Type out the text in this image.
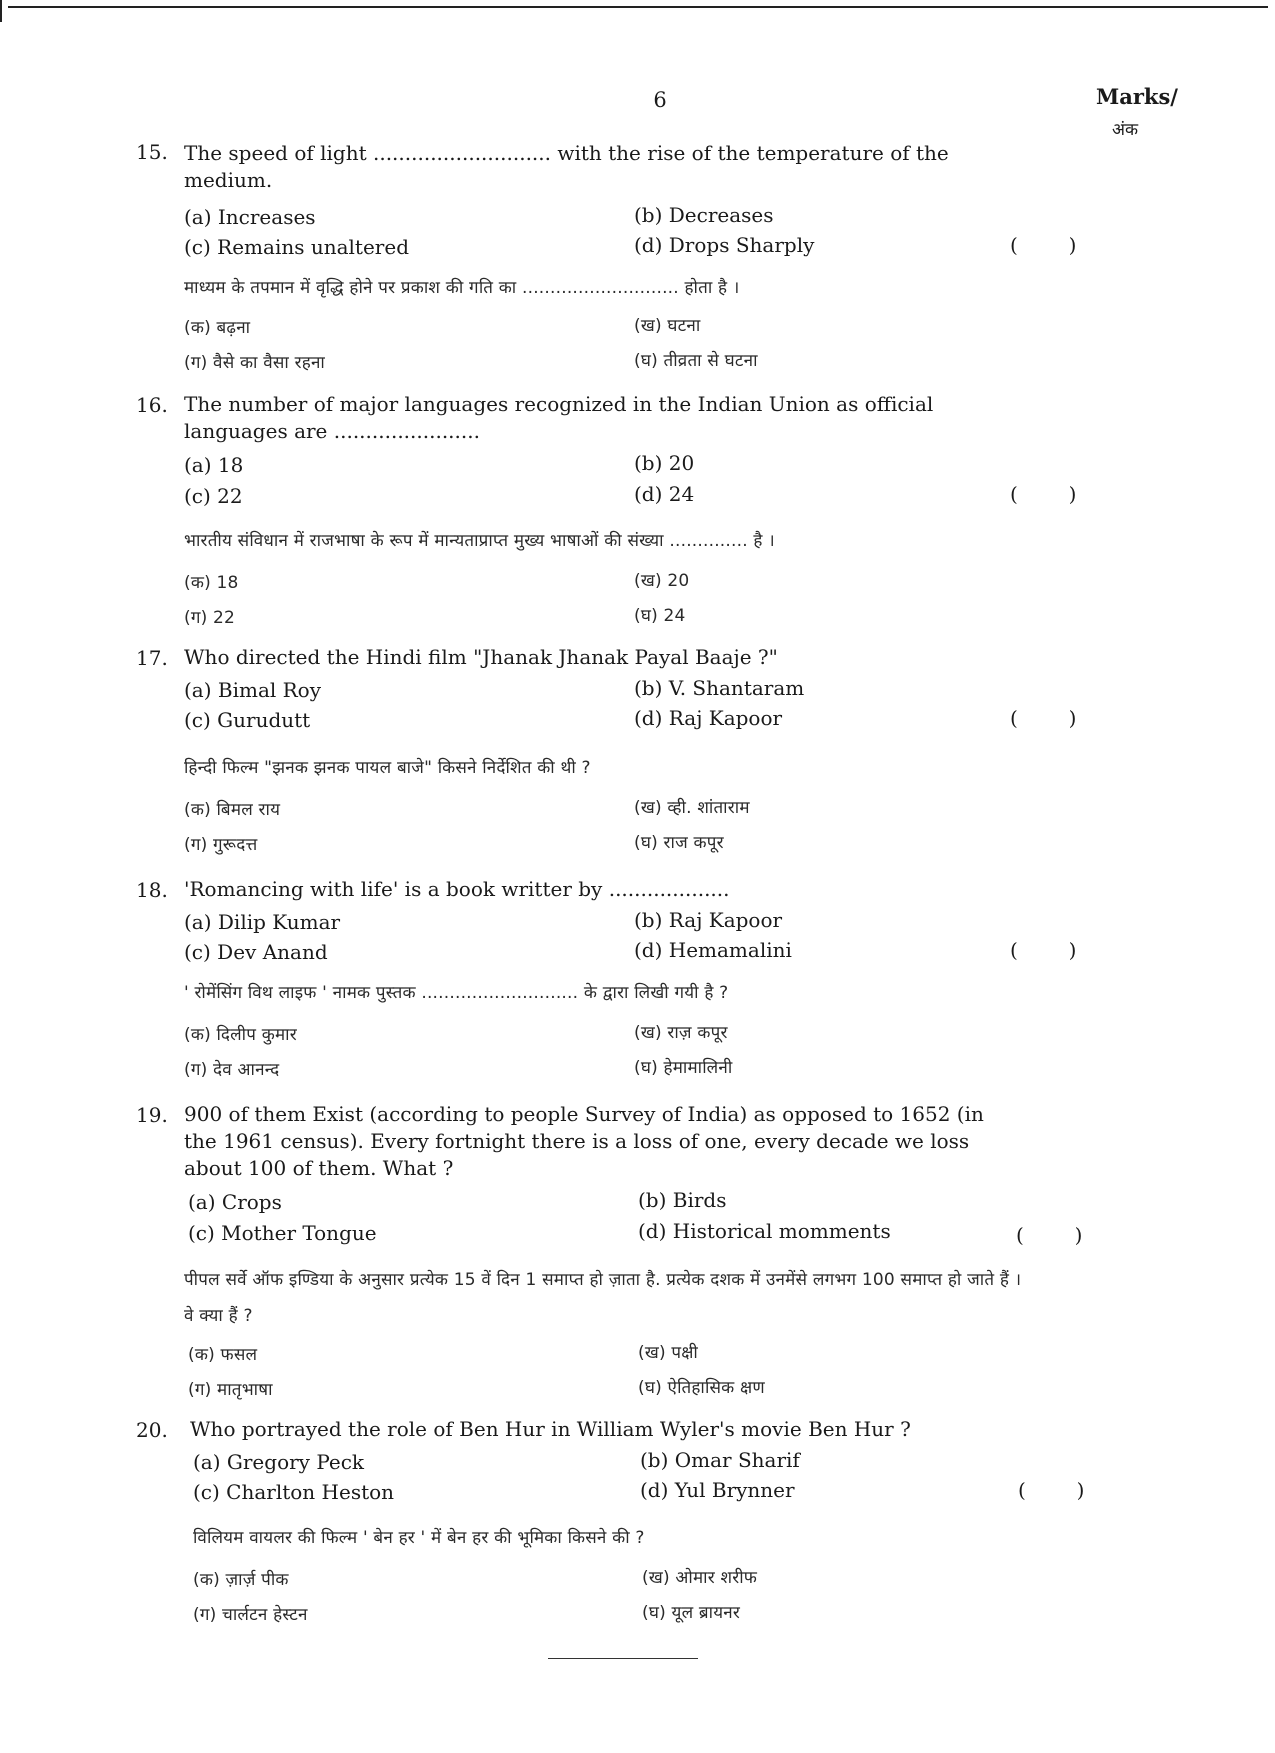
6	Marks/
अंक
15. The speed of light ............................ with the rise of the temperature of the medium.
(a) Increases	(b) Decreases
(c) Remains unaltered	(d) Drops Sharply	(        )
माध्यम के तपमान में वृद्धि होने पर प्रकाश की गति का ............................ होता है ।
(क) बढ़ना	(ख) घटना
(ग) वैसे का वैसा रहना	(घ) तीव्रता से घटना
16. The number of major languages recognized in the Indian Union as official languages are .......................
(a) 18	(b) 20
(c) 22	(d) 24	(        )
भारतीय संविधान में राजभाषा के रूप में मान्यताप्राप्त मुख्य भाषाओं की संख्या .............. है ।
(क) 18	(ख) 20
(ग) 22	(घ) 24
17. Who directed the Hindi film "Jhanak Jhanak Payal Baaje ?"
(a) Bimal Roy	(b) V. Shantaram
(c) Gurudutt	(d) Raj Kapoor	(        )
हिन्दी फिल्म "झनक झनक पायल बाजे" किसने निर्देशित की थी ?
(क) बिमल राय	(ख) व्ही. शांताराम
(ग) गुरूदत्त	(घ) राज कपूर
18. 'Romancing with life' is a book writter by ...................
(a) Dilip Kumar	(b) Raj Kapoor
(c) Dev Anand	(d) Hemamalini	(        )
' रोमेंसिंग विथ लाइफ ' नामक पुस्तक ............................ के द्वारा लिखी गयी है ?
(क) दिलीप कुमार	(ख) राज़ कपूर
(ग) देव आनन्द	(घ) हेमामालिनी
19. 900 of them Exist (according to people Survey of India) as opposed to 1652 (in the 1961 census). Every fortnight there is a loss of one, every decade we loss about 100 of them. What ?
(a) Crops	(b) Birds
(c) Mother Tongue	(d) Historical momments	(        )
पीपल सर्वे ऑफ इण्डिया के अनुसार प्रत्येक 15 वें दिन 1 समाप्त हो ज़ाता है. प्रत्येक दशक में उनमेंसे लगभग 100 समाप्त हो जाते हैं । वे क्या हैं ?
(क) फसल	(ख) पक्षी
(ग) मातृभाषा	(घ) ऐतिहासिक क्षण
20. Who portrayed the role of Ben Hur in William Wyler's movie Ben Hur ?
(a) Gregory Peck	(b) Omar Sharif
(c) Charlton Heston	(d) Yul Brynner	(        )
विलियम वायलर की फिल्म ' बेन हर ' में बेन हर की भूमिका किसने की ?
(क) ज़ार्ज़ पीक	(ख) ओमार शरीफ
(ग) चार्लटन हेस्टन	(घ) यूल ब्रायनर
